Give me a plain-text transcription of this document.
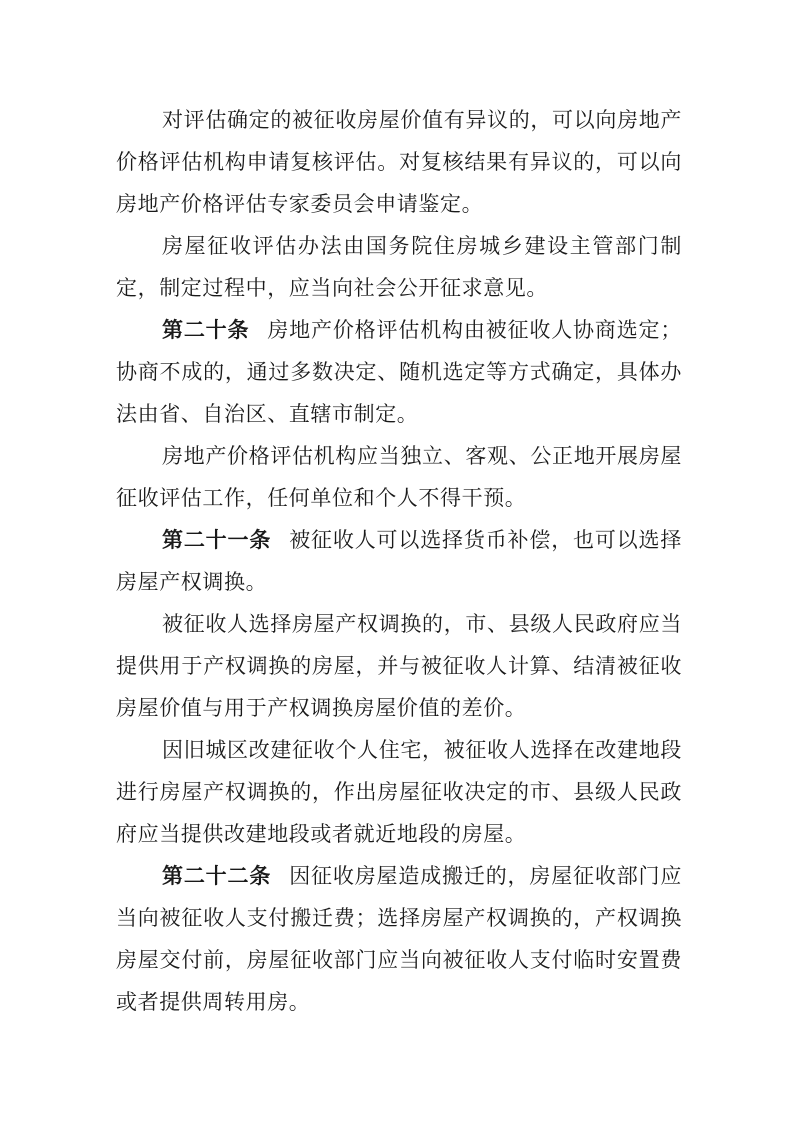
对评估确定的被征收房屋价值有异议的，可以向房地产价格评估机构申请复核评估。对复核结果有异议的，可以向房地产价格评估专家委员会申请鉴定。

房屋征收评估办法由国务院住房城乡建设主管部门制定，制定过程中，应当向社会公开征求意见。

第二十条 房地产价格评估机构由被征收人协商选定；协商不成的，通过多数决定、随机选定等方式确定，具体办法由省、自治区、直辖市制定。

房地产价格评估机构应当独立、客观、公正地开展房屋征收评估工作，任何单位和个人不得干预。

第二十一条 被征收人可以选择货币补偿，也可以选择房屋产权调换。

被征收人选择房屋产权调换的，市、县级人民政府应当提供用于产权调换的房屋，并与被征收人计算、结清被征收房屋价值与用于产权调换房屋价值的差价。

因旧城区改建征收个人住宅，被征收人选择在改建地段进行房屋产权调换的，作出房屋征收决定的市、县级人民政府应当提供改建地段或者就近地段的房屋。

第二十二条 因征收房屋造成搬迁的，房屋征收部门应当向被征收人支付搬迁费；选择房屋产权调换的，产权调换房屋交付前，房屋征收部门应当向被征收人支付临时安置费或者提供周转用房。
